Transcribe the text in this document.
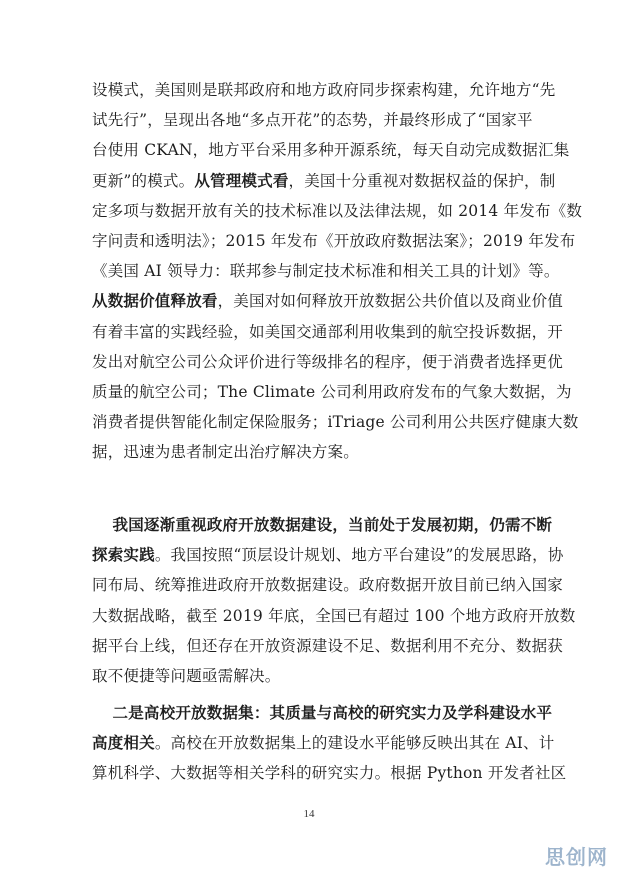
设模式，美国则是联邦政府和地方政府同步探索构建，允许地方“先
试先行”，呈现出各地“多点开花”的态势，并最终形成了“国家平
台使用 CKAN，地方平台采用多种开源系统，每天自动完成数据汇集
更新”的模式。从管理模式看，美国十分重视对数据权益的保护，制
定多项与数据开放有关的技术标准以及法律法规，如 2014 年发布《数
字问责和透明法》；2015 年发布《开放政府数据法案》；2019 年发布
《美国 AI 领导力：联邦参与制定技术标准和相关工具的计划》等。
从数据价值释放看，美国对如何释放开放数据公共价值以及商业价值
有着丰富的实践经验，如美国交通部利用收集到的航空投诉数据，开
发出对航空公司公众评价进行等级排名的程序，便于消费者选择更优
质量的航空公司；The Climate 公司利用政府发布的气象大数据，为
消费者提供智能化制定保险服务；iTriage 公司利用公共医疗健康大数
据，迅速为患者制定出治疗解决方案。
我国逐渐重视政府开放数据建设，当前处于发展初期，仍需不断
探索实践。我国按照“顶层设计规划、地方平台建设”的发展思路，协
同布局、统筹推进政府开放数据建设。政府数据开放目前已纳入国家
大数据战略，截至 2019 年底，全国已有超过 100 个地方政府开放数
据平台上线，但还存在开放资源建设不足、数据利用不充分、数据获
取不便捷等问题亟需解决。
二是高校开放数据集：其质量与高校的研究实力及学科建设水平
高度相关。高校在开放数据集上的建设水平能够反映出其在 AI、计
算机科学、大数据等相关学科的研究实力。根据 Python 开发者社区
14
思创网
